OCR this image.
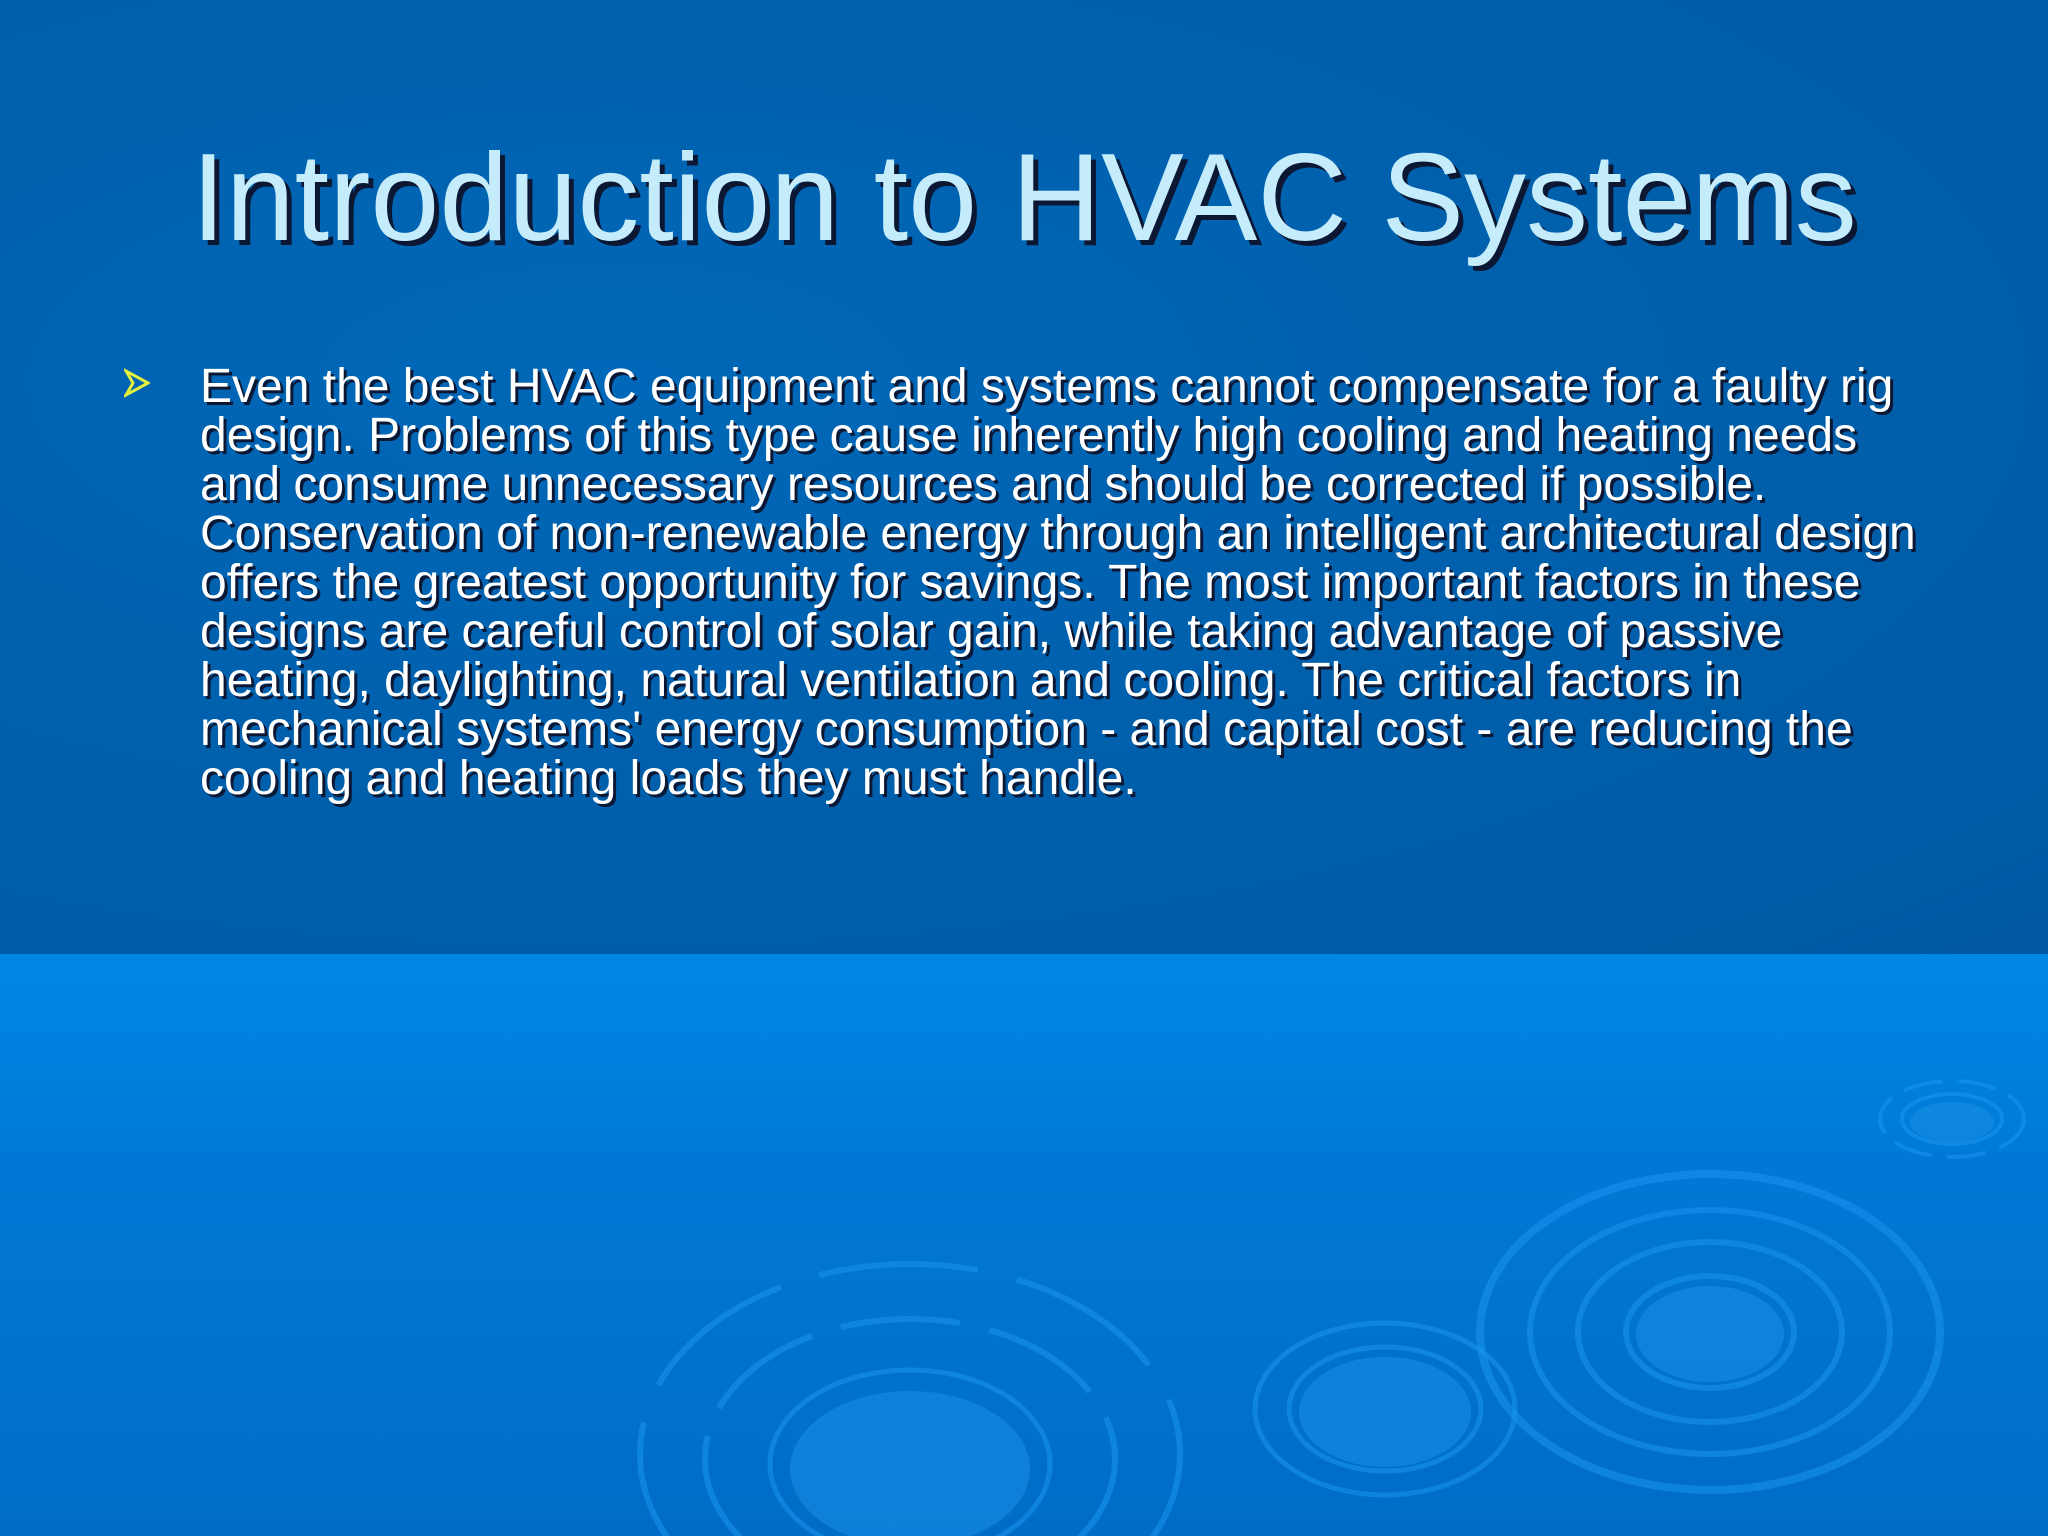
Introduction to HVAC Systems

Even the best HVAC equipment and systems cannot compensate for a faulty rig design. Problems of this type cause inherently high cooling and heating needs and consume unnecessary resources and should be corrected if possible. Conservation of non-renewable energy through an intelligent architectural design offers the greatest opportunity for savings. The most important factors in these designs are careful control of solar gain, while taking advantage of passive heating, daylighting, natural ventilation and cooling. The critical factors in mechanical systems' energy consumption - and capital cost - are reducing the cooling and heating loads they must handle.
